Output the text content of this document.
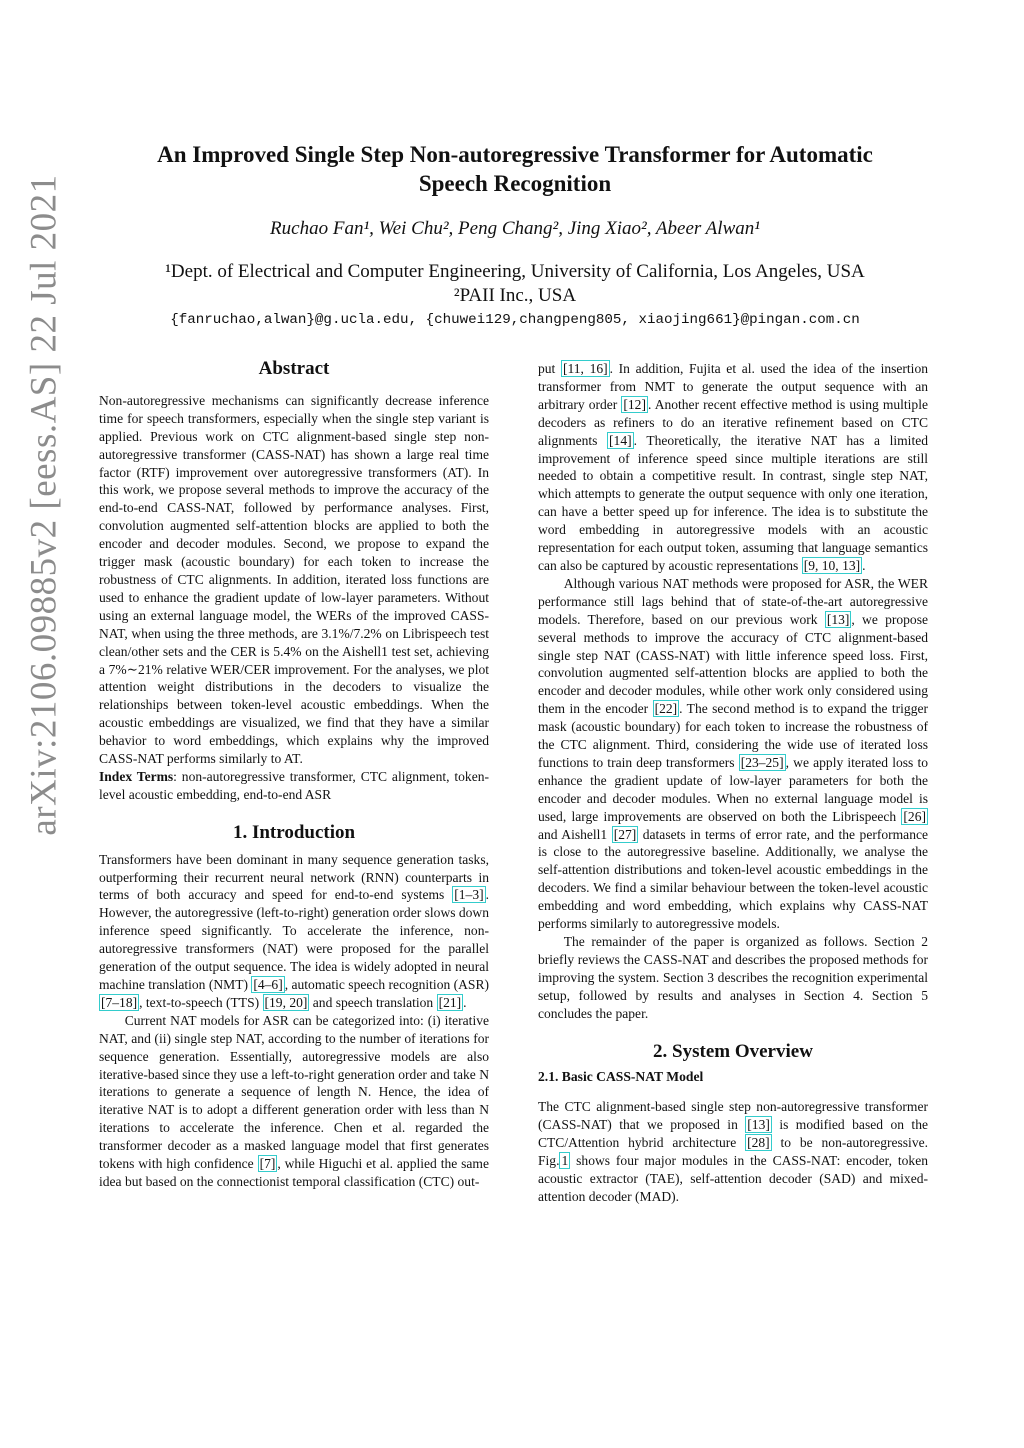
arXiv:2106.09885v2 [eess.AS] 22 Jul 2021
An Improved Single Step Non-autoregressive Transformer for Automatic
Speech Recognition
Ruchao Fan¹, Wei Chu², Peng Chang², Jing Xiao², Abeer Alwan¹
¹Dept. of Electrical and Computer Engineering, University of California, Los Angeles, USA
²PAII Inc., USA
{fanruchao,alwan}@g.ucla.edu, {chuwei129,changpeng805, xiaojing661}@pingan.com.cn
Abstract

Non-autoregressive mechanisms can significantly decrease inference time for speech transformers, especially when the single step variant is applied. Previous work on CTC alignment-based single step non-autoregressive transformer (CASS-NAT) has shown a large real time factor (RTF) improvement over autoregressive transformers (AT). In this work, we propose several methods to improve the accuracy of the end-to-end CASS-NAT, followed by performance analyses. First, convolution augmented self-attention blocks are applied to both the encoder and decoder modules. Second, we propose to expand the trigger mask (acoustic boundary) for each token to increase the robustness of CTC alignments. In addition, iterated loss functions are used to enhance the gradient update of low-layer parameters. Without using an external language model, the WERs of the improved CASS-NAT, when using the three methods, are 3.1%/7.2% on Librispeech test clean/other sets and the CER is 5.4% on the Aishell1 test set, achieving a 7%∼21% relative WER/CER improvement. For the analyses, we plot attention weight distributions in the decoders to visualize the relationships between token-level acoustic embeddings. When the acoustic embeddings are visualized, we find that they have a similar behavior to word embeddings, which explains why the improved CASS-NAT performs similarly to AT.

Index Terms: non-autoregressive transformer, CTC alignment, token-level acoustic embedding, end-to-end ASR

1. Introduction

Transformers have been dominant in many sequence generation tasks, outperforming their recurrent neural network (RNN) counterparts in terms of both accuracy and speed for end-to-end systems [1–3] . However, the autoregressive (left-to-right) generation order slows down inference speed significantly. To accelerate the inference, non-autoregressive transformers (NAT) were proposed for the parallel generation of the output sequence. The idea is widely adopted in neural machine translation (NMT) [4–6] , automatic speech recognition (ASR) [7–18] , text-to-speech (TTS) [19, 20] and speech translation [21] .

Current NAT models for ASR can be categorized into: (i) iterative NAT, and (ii) single step NAT, according to the number of iterations for sequence generation. Essentially, autoregressive models are also iterative-based since they use a left-to-right generation order and take N iterations to generate a sequence of length N. Hence, the idea of iterative NAT is to adopt a different generation order with less than N iterations to accelerate the inference. Chen et al. regarded the transformer decoder as a masked language model that first generates tokens with high confidence [7] , while Higuchi et al. applied the same idea but based on the connectionist temporal classification (CTC) out-

put [11, 16] . In addition, Fujita et al. used the idea of the insertion transformer from NMT to generate the output sequence with an arbitrary order [12] . Another recent effective method is using multiple decoders as refiners to do an iterative refinement based on CTC alignments [14] . Theoretically, the iterative NAT has a limited improvement of inference speed since multiple iterations are still needed to obtain a competitive result. In contrast, single step NAT, which attempts to generate the output sequence with only one iteration, can have a better speed up for inference. The idea is to substitute the word embedding in autoregressive models with an acoustic representation for each output token, assuming that language semantics can also be captured by acoustic representations [9, 10, 13] .

Although various NAT methods were proposed for ASR, the WER performance still lags behind that of state-of-the-art autoregressive models. Therefore, based on our previous work [13] , we propose several methods to improve the accuracy of CTC alignment-based single step NAT (CASS-NAT) with little inference speed loss. First, convolution augmented self-attention blocks are applied to both the encoder and decoder modules, while other work only considered using them in the encoder [22] . The second method is to expand the trigger mask (acoustic boundary) for each token to increase the robustness of the CTC alignment. Third, considering the wide use of iterated loss functions to train deep transformers [23–25] , we apply iterated loss to enhance the gradient update of low-layer parameters for both the encoder and decoder modules. When no external language model is used, large improvements are observed on both the Librispeech [26] and Aishell1 [27] datasets in terms of error rate, and the performance is close to the autoregressive baseline. Additionally, we analyse the self-attention distributions and token-level acoustic embeddings in the decoders. We find a similar behaviour between the token-level acoustic embedding and word embedding, which explains why CASS-NAT performs similarly to autoregressive models.

The remainder of the paper is organized as follows. Section 2 briefly reviews the CASS-NAT and describes the proposed methods for improving the system. Section 3 describes the recognition experimental setup, followed by results and analyses in Section 4. Section 5 concludes the paper.

2. System Overview
2.1. Basic CASS-NAT Model

The CTC alignment-based single step non-autoregressive transformer (CASS-NAT) that we proposed in [13] is modified based on the CTC/Attention hybrid architecture [28] to be non-autoregressive. Fig. 1 shows four major modules in the CASS-NAT: encoder, token acoustic extractor (TAE), self-attention decoder (SAD) and mixed-attention decoder (MAD).
